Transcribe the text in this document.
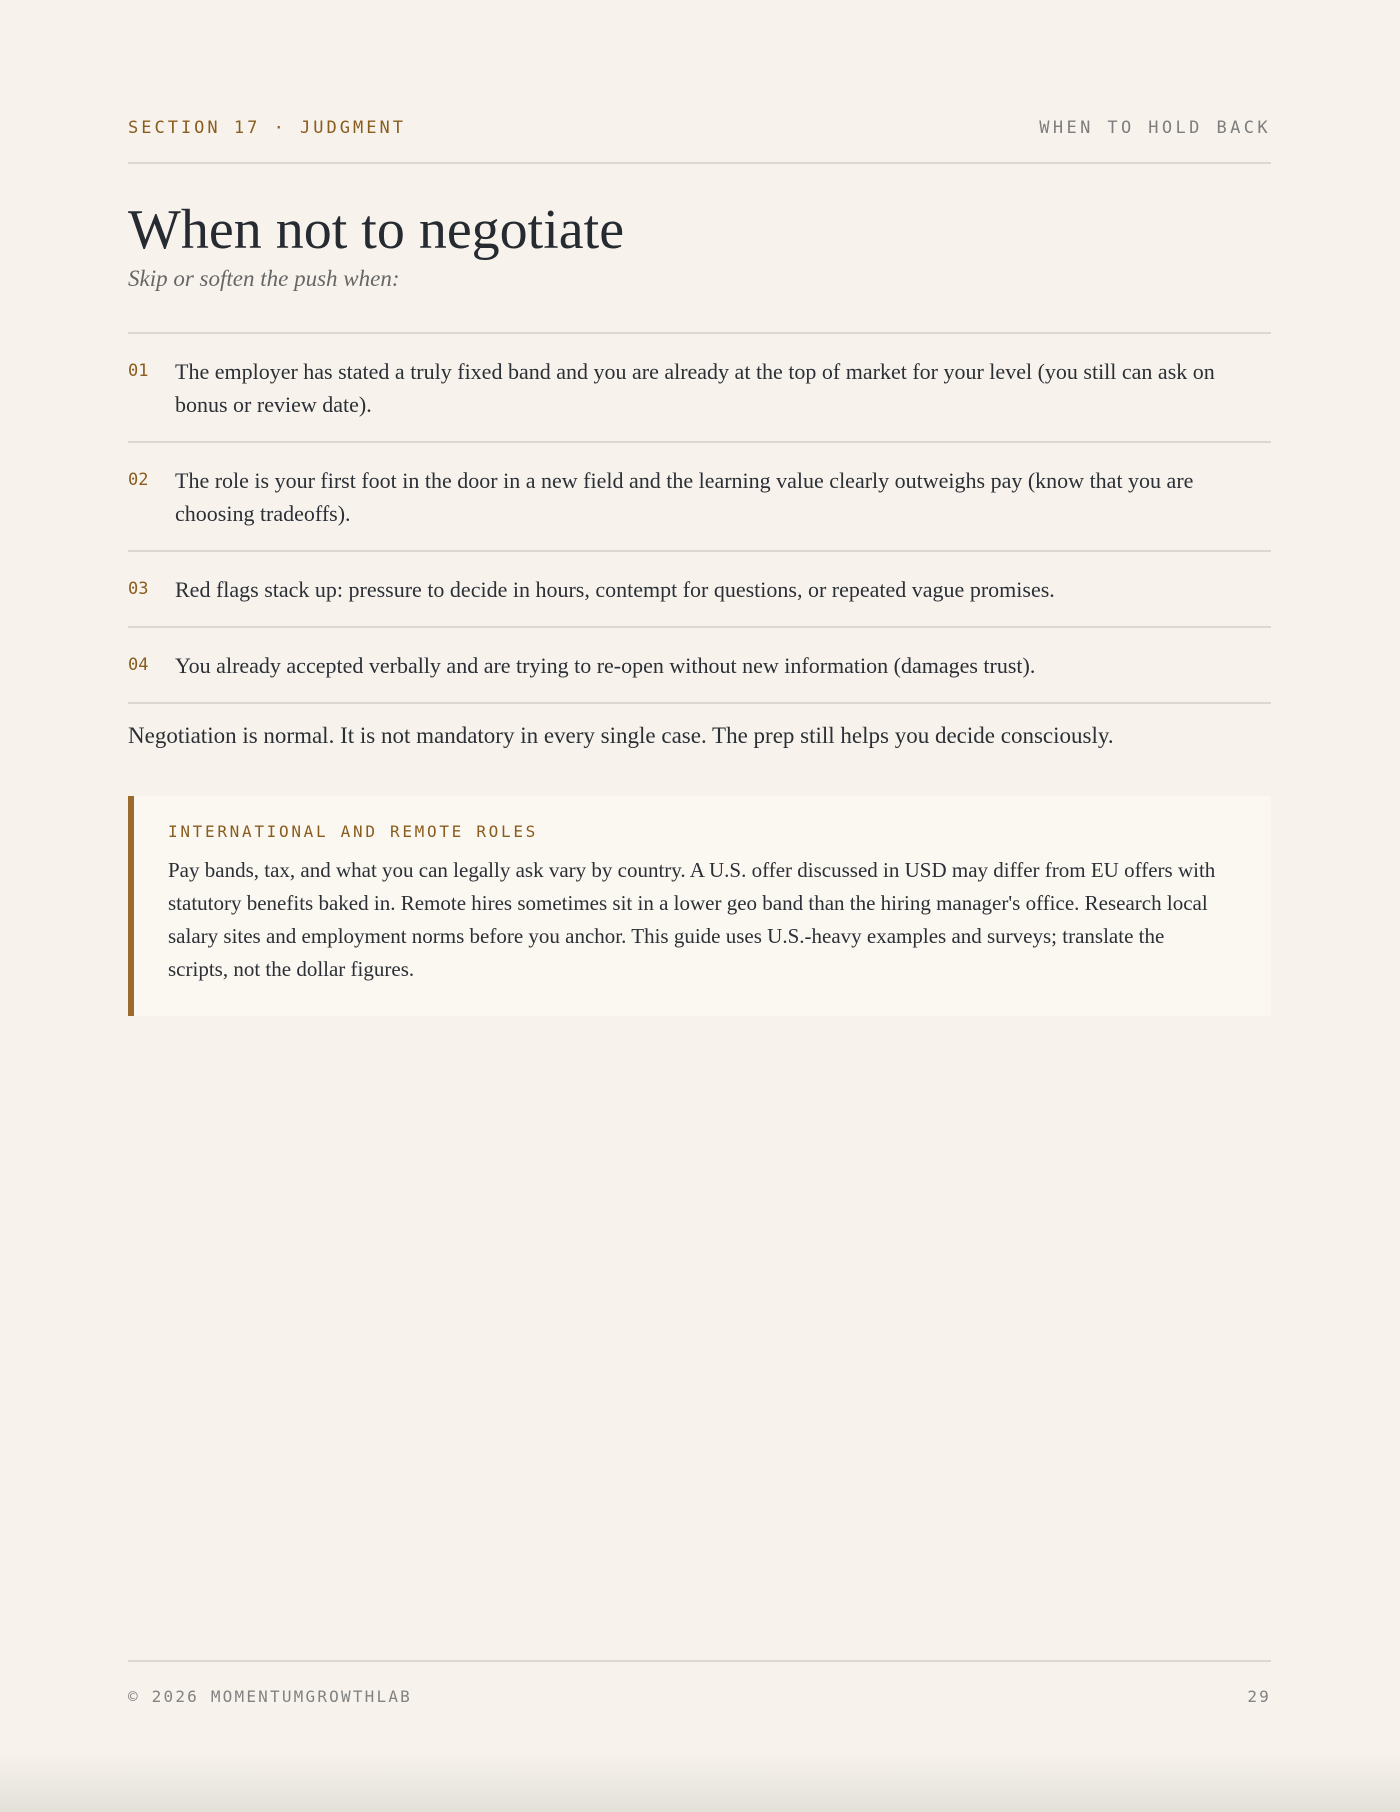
SECTION 17 · JUDGMENT	WHEN TO HOLD BACK
When not to negotiate
Skip or soften the push when:
01 The employer has stated a truly fixed band and you are already at the top of market for your level (you still can ask on bonus or review date).
02 The role is your first foot in the door in a new field and the learning value clearly outweighs pay (know that you are choosing tradeoffs).
03 Red flags stack up: pressure to decide in hours, contempt for questions, or repeated vague promises.
04 You already accepted verbally and are trying to re-open without new information (damages trust).

Negotiation is normal. It is not mandatory in every single case. The prep still helps you decide consciously.

INTERNATIONAL AND REMOTE ROLES
Pay bands, tax, and what you can legally ask vary by country. A U.S. offer discussed in USD may differ from EU offers with statutory benefits baked in. Remote hires sometimes sit in a lower geo band than the hiring manager's office. Research local salary sites and employment norms before you anchor. This guide uses U.S.-heavy examples and surveys; translate the scripts, not the dollar figures.
© 2026 MOMENTUMGROWTHLAB	29
